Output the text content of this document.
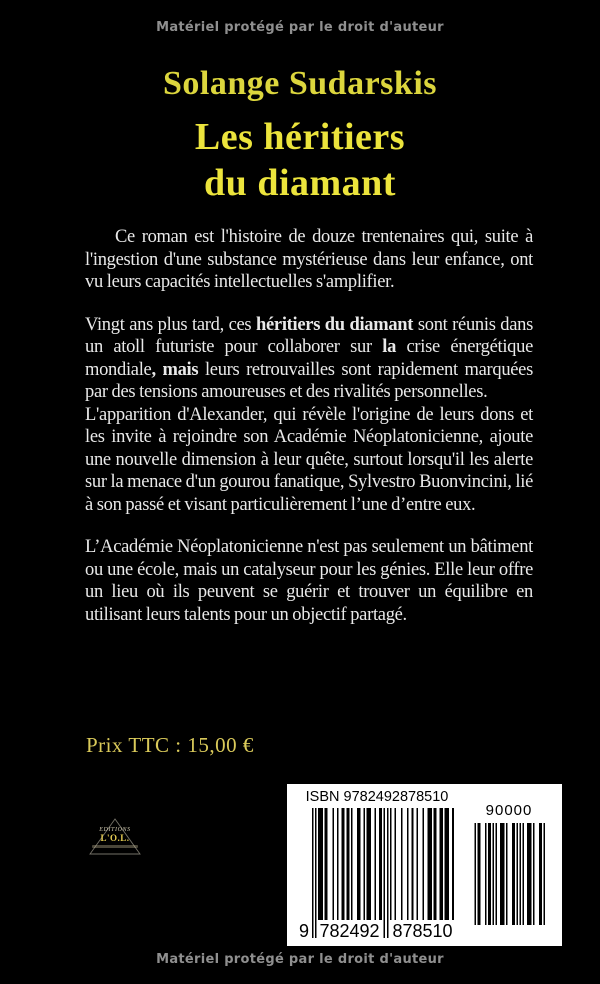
Matériel protégé par le droit d'auteur
Solange Sudarskis
Les héritiers
du diamant

Ce roman est l'histoire de douze trentenaires qui, suite à l'ingestion d'une substance mystérieuse dans leur enfance, ont vu leurs capacités intellectuelles s'amplifier.

Vingt ans plus tard, ces héritiers du diamant sont réunis dans un atoll futuriste pour collaborer sur la crise énergétique mondiale, mais leurs retrouvailles sont rapidement marquées par des tensions amoureuses et des rivalités personnelles.

L'apparition d'Alexander, qui révèle l'origine de leurs dons et les invite à rejoindre son Académie Néoplatonicienne, ajoute une nouvelle dimension à leur quête, surtout lorsqu'il les alerte sur la menace d'un gourou fanatique, Sylvestro Buonvincini, lié à son passé et visant particulièrement l’une d’entre eux.

L’Académie Néoplatonicienne n'est pas seulement un bâtiment ou une école, mais un catalyseur pour les génies. Elle leur offre un lieu où ils peuvent se guérir et trouver un équilibre en utilisant leurs talents pour un objectif partagé.

Prix TTC : 15,00 €
EDITIONS
L'O.L.
ISBN 9782492878510
9 782492 878510
90000
Matériel protégé par le droit d'auteur
